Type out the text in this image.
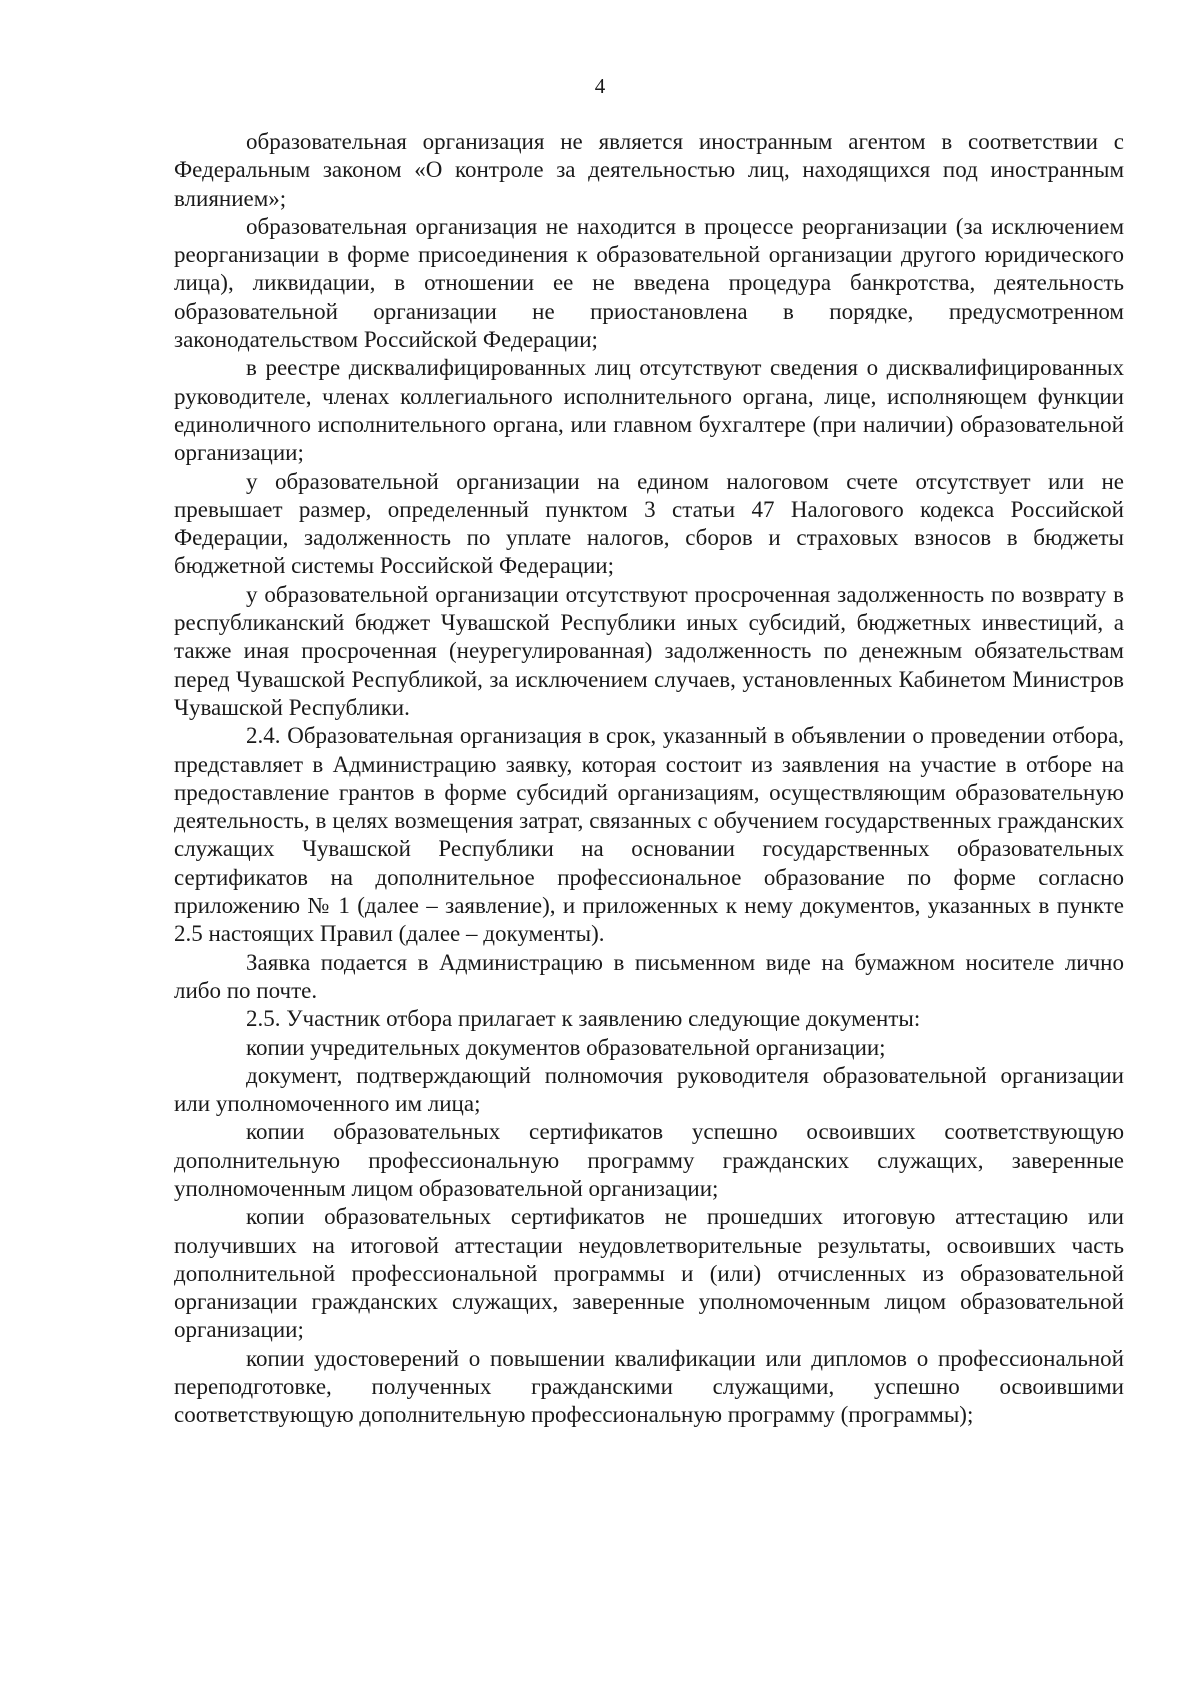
4

образовательная организация не является иностранным агентом в соответствии с Федеральным законом «О контроле за деятельностью лиц, находящихся под иностранным влиянием»;

образовательная организация не находится в процессе реорганизации (за исключением реорганизации в форме присоединения к образовательной организации другого юридического лица), ликвидации, в отношении ее не введена процедура банкротства, деятельность образовательной организации не приостановлена в порядке, предусмотренном законодательством Российской Федерации;

в реестре дисквалифицированных лиц отсутствуют сведения о дисквалифицированных руководителе, членах коллегиального исполнительного органа, лице, исполняющем функции единоличного исполнительного органа, или главном бухгалтере (при наличии) образовательной организации;

у образовательной организации на едином налоговом счете отсутствует или не превышает размер, определенный пунктом 3 статьи 47 Налогового кодекса Российской Федерации, задолженность по уплате налогов, сборов и страховых взносов в бюджеты бюджетной системы Российской Федерации;

у образовательной организации отсутствуют просроченная задолженность по возврату в республиканский бюджет Чувашской Республики иных субсидий, бюджетных инвестиций, а также иная просроченная (неурегулированная) задолженность по денежным обязательствам перед Чувашской Республикой, за исключением случаев, установленных Кабинетом Министров Чувашской Республики.

2.4. Образовательная организация в срок, указанный в объявлении о проведении отбора, представляет в Администрацию заявку, которая состоит из заявления на участие в отборе на предоставление грантов в форме субсидий организациям, осуществляющим образовательную деятельность, в целях возмещения затрат, связанных с обучением государственных гражданских служащих Чувашской Республики на основании государственных образовательных сертификатов на дополнительное профессиональное образование по форме согласно приложению № 1 (далее – заявление), и приложенных к нему документов, указанных в пункте 2.5 настоящих Правил (далее – документы).

Заявка подается в Администрацию в письменном виде на бумажном носителе лично либо по почте.

2.5. Участник отбора прилагает к заявлению следующие документы:

копии учредительных документов образовательной организации;

документ, подтверждающий полномочия руководителя образовательной организации или уполномоченного им лица;

копии образовательных сертификатов успешно освоивших соответствующую дополнительную профессиональную программу гражданских служащих, заверенные уполномоченным лицом образовательной организации;

копии образовательных сертификатов не прошедших итоговую аттестацию или получивших на итоговой аттестации неудовлетворительные результаты, освоивших часть дополнительной профессиональной программы и (или) отчисленных из образовательной организации гражданских служащих, заверенные уполномоченным лицом образовательной организации;

копии удостоверений о повышении квалификации или дипломов о профессиональной переподготовке, полученных гражданскими служащими, успешно освоившими соответствующую дополнительную профессиональную программу (программы);
